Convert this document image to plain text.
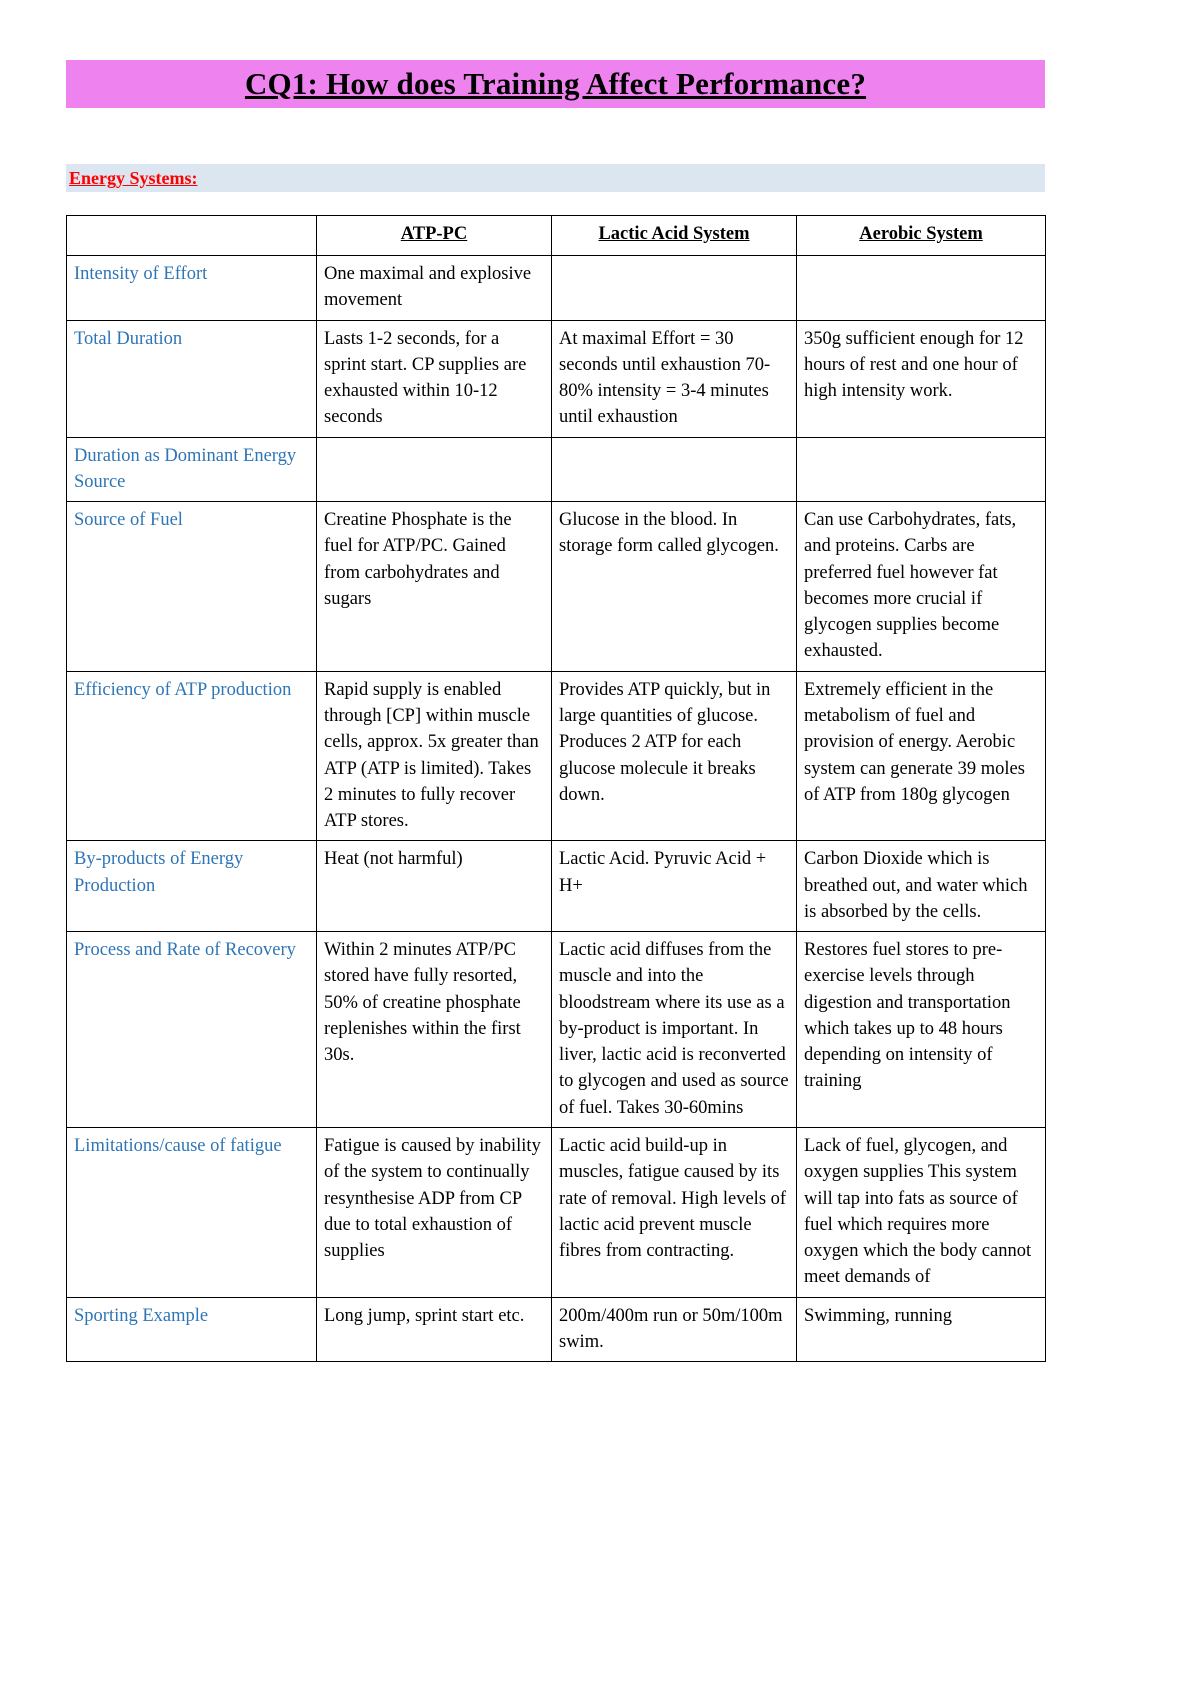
CQ1: How does Training Affect Performance?
Energy Systems:
	ATP-PC	Lactic Acid System	Aerobic System
Intensity of Effort	One maximal and explosive movement		
Total Duration	Lasts 1-2 seconds, for a sprint start. CP supplies are exhausted within 10-12 seconds	At maximal Effort = 30 seconds until exhaustion 70-80% intensity = 3-4 minutes until exhaustion	350g sufficient enough for 12 hours of rest and one hour of high intensity work.
Duration as Dominant Energy Source			
Source of Fuel	Creatine Phosphate is the fuel for ATP/PC. Gained from carbohydrates and sugars	Glucose in the blood. In storage form called glycogen.	Can use Carbohydrates, fats, and proteins. Carbs are preferred fuel however fat becomes more crucial if glycogen supplies become exhausted.
Efficiency of ATP production	Rapid supply is enabled through [CP] within muscle cells, approx. 5x greater than ATP (ATP is limited). Takes 2 minutes to fully recover ATP stores.	Provides ATP quickly, but in large quantities of glucose. Produces 2 ATP for each glucose molecule it breaks down.	Extremely efficient in the metabolism of fuel and provision of energy. Aerobic system can generate 39 moles of ATP from 180g glycogen
By-products of Energy Production	Heat (not harmful)	Lactic Acid. Pyruvic Acid + H+	Carbon Dioxide which is breathed out, and water which is absorbed by the cells.
Process and Rate of Recovery	Within 2 minutes ATP/PC stored have fully resorted, 50% of creatine phosphate replenishes within the first 30s.	Lactic acid diffuses from the muscle and into the bloodstream where its use as a by-product is important. In liver, lactic acid is reconverted to glycogen and used as source of fuel. Takes 30-60mins	Restores fuel stores to pre-exercise levels through digestion and transportation which takes up to 48 hours depending on intensity of training
Limitations/cause of fatigue	Fatigue is caused by inability of the system to continually resynthesise ADP from CP due to total exhaustion of supplies	Lactic acid build-up in muscles, fatigue caused by its rate of removal. High levels of lactic acid prevent muscle fibres from contracting.	Lack of fuel, glycogen, and oxygen supplies This system will tap into fats as source of fuel which requires more oxygen which the body cannot meet demands of
Sporting Example	Long jump, sprint start etc.	200m/400m run or 50m/100m swim.	Swimming, running
